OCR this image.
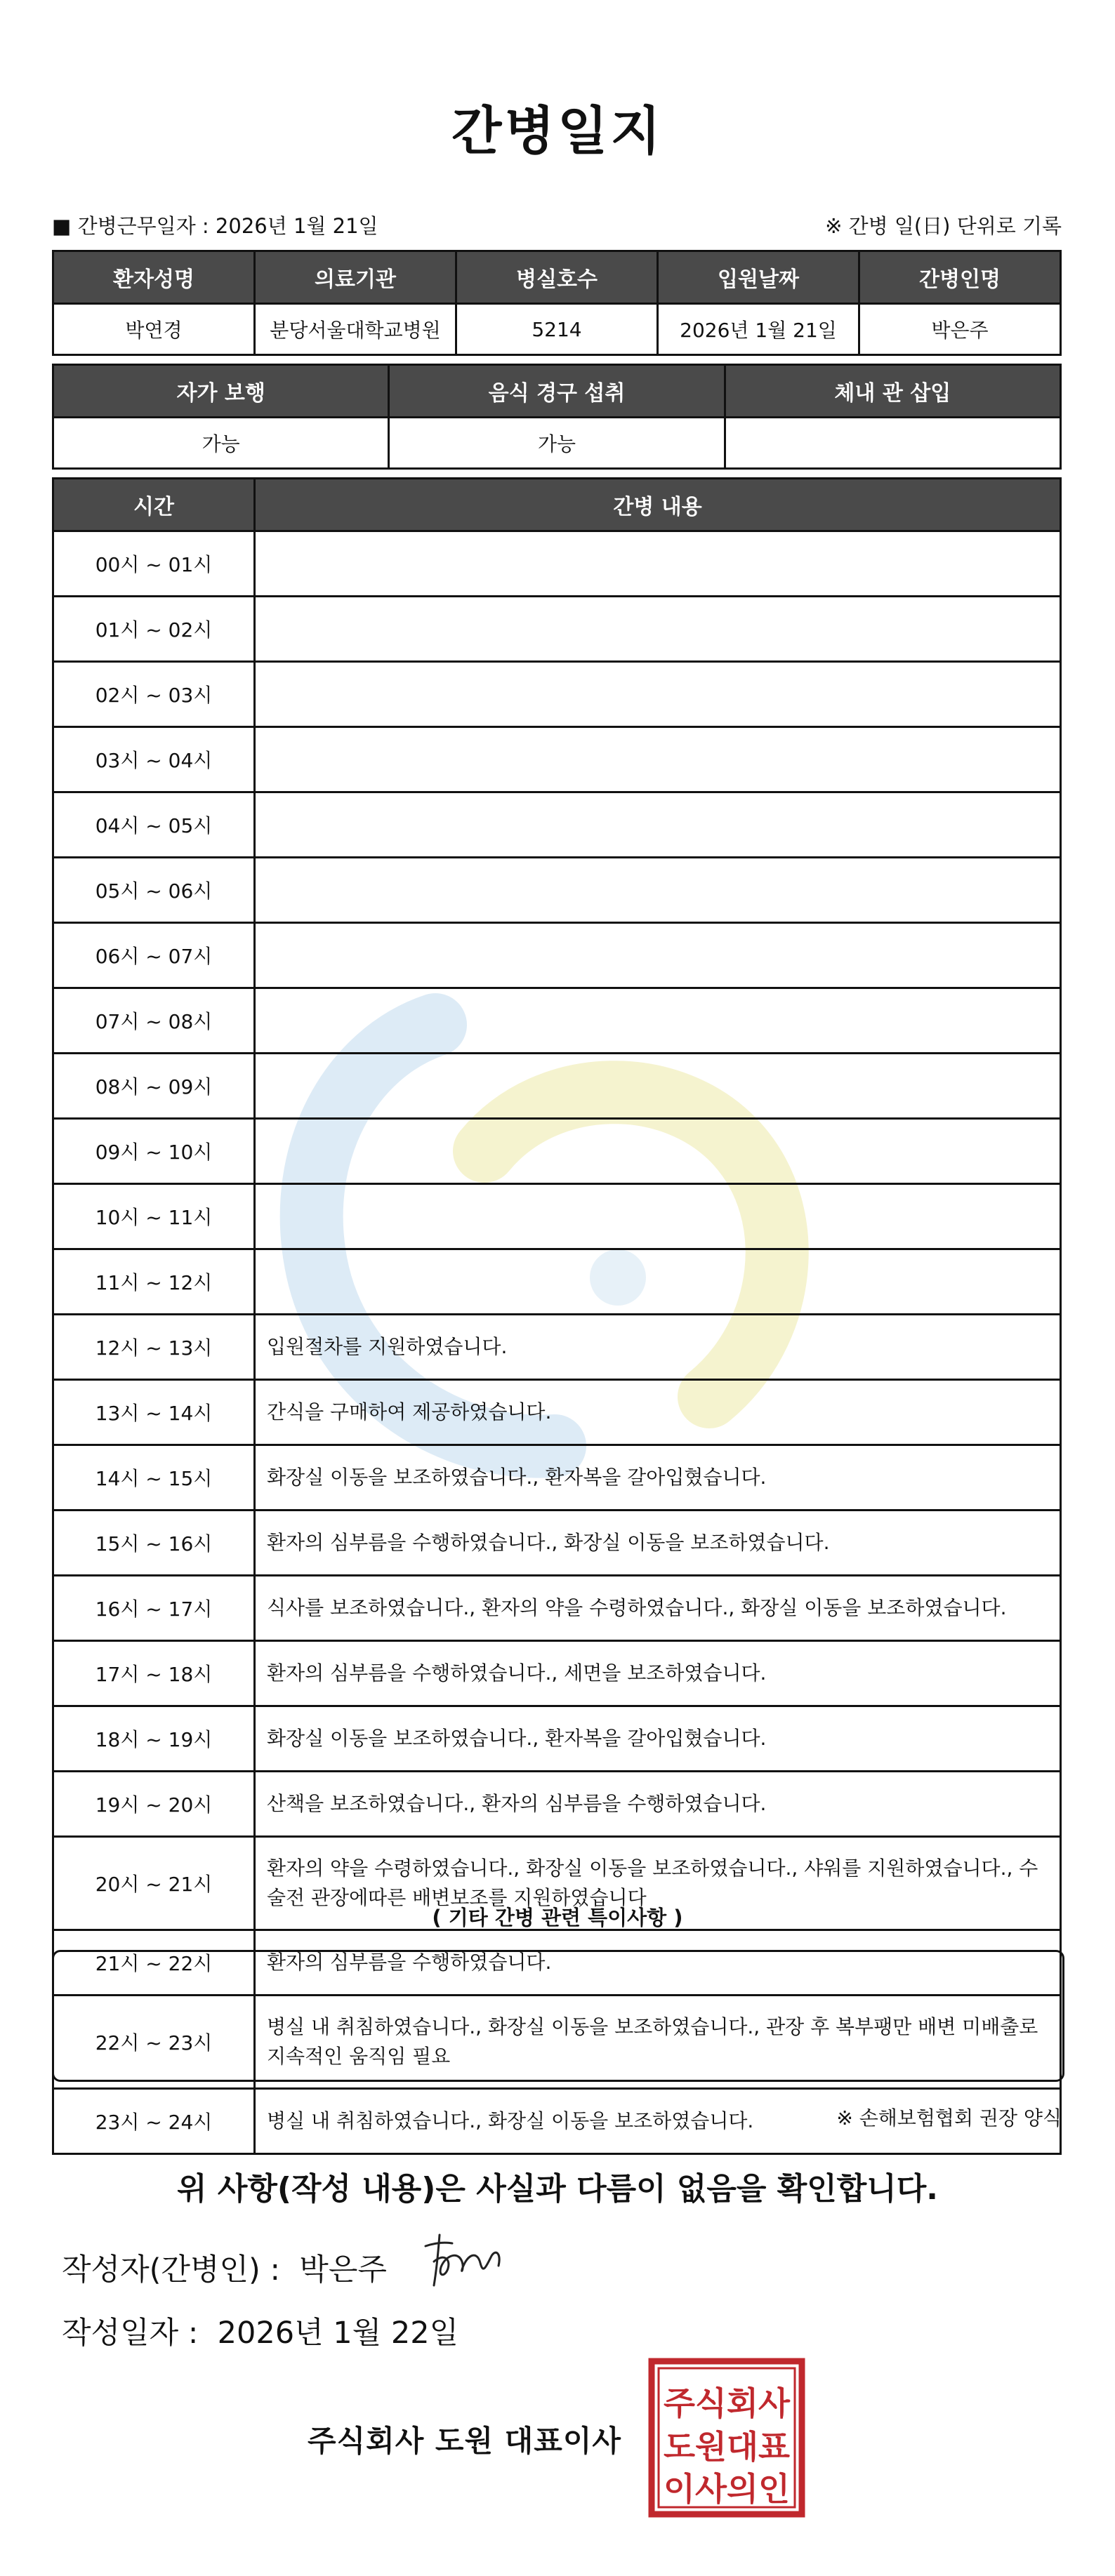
간병일지
■ 간병근무일자 : 2026년 1월 21일	※ 간병 일(日) 단위로 기록
환자성명	의료기관	병실호수	입원날짜	간병인명
박연경	분당서울대학교병원	5214	2026년 1월 21일	박은주
자가 보행	음식 경구 섭취	체내 관 삽입
가능	가능	
시간	간병 내용
00시 ~ 01시	
01시 ~ 02시	
02시 ~ 03시	
03시 ~ 04시	
04시 ~ 05시	
05시 ~ 06시	
06시 ~ 07시	
07시 ~ 08시	
08시 ~ 09시	
09시 ~ 10시	
10시 ~ 11시	
11시 ~ 12시	
12시 ~ 13시	입원절차를 지원하였습니다.
13시 ~ 14시	간식을 구매하여 제공하였습니다.
14시 ~ 15시	화장실 이동을 보조하였습니다., 환자복을 갈아입혔습니다.
15시 ~ 16시	환자의 심부름을 수행하였습니다., 화장실 이동을 보조하였습니다.
16시 ~ 17시	식사를 보조하였습니다., 환자의 약을 수령하였습니다., 화장실 이동을 보조하였습니다.
17시 ~ 18시	환자의 심부름을 수행하였습니다., 세면을 보조하였습니다.
18시 ~ 19시	화장실 이동을 보조하였습니다., 환자복을 갈아입혔습니다.
19시 ~ 20시	산책을 보조하였습니다., 환자의 심부름을 수행하였습니다.
20시 ~ 21시	환자의 약을 수령하였습니다., 화장실 이동을 보조하였습니다., 샤워를 지원하였습니다., 수술전 관장에따른 배변보조를 지원하였습니다
21시 ~ 22시	환자의 심부름을 수행하였습니다.
22시 ~ 23시	병실 내 취침하였습니다., 화장실 이동을 보조하였습니다., 관장 후 복부팽만 배변 미배출로 지속적인 움직임 필요
23시 ~ 24시	병실 내 취침하였습니다., 화장실 이동을 보조하였습니다.
( 기타 간병 관련 특이사항 )
※ 손해보험협회 권장 양식
위 사항(작성 내용)은 사실과 다름이 없음을 확인합니다.
작성자(간병인) : 박은주
작성일자 : 2026년 1월 22일
주식회사 도원 대표이사
주식회사
도원대표
이사의인
